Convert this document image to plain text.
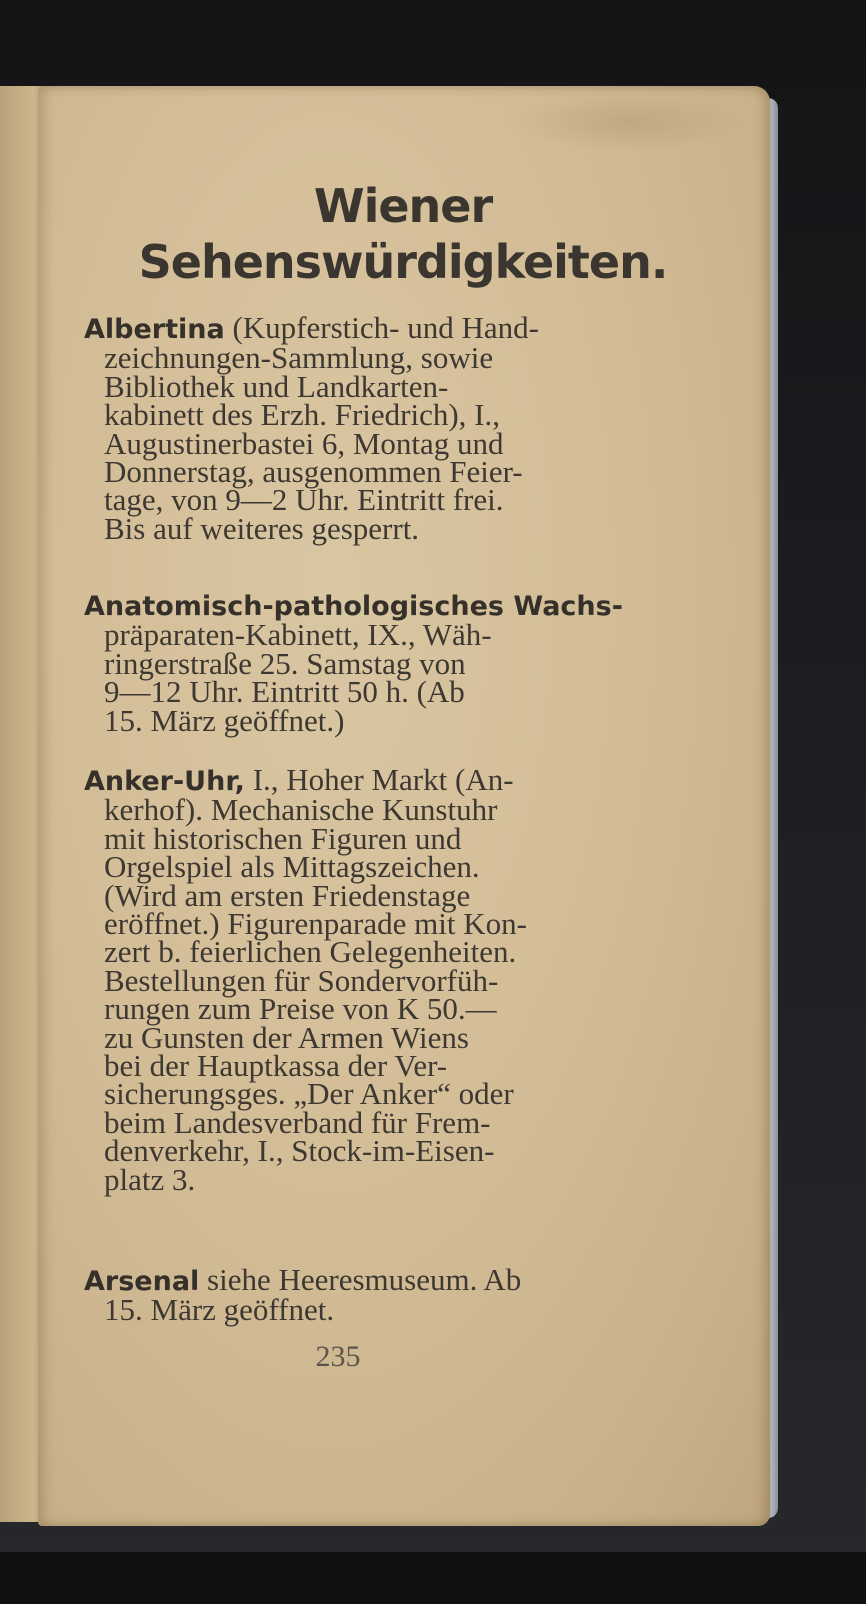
Wiener
Sehenswürdigkeiten.

Albertina (Kupferstich- und Hand-
zeichnungen-Sammlung, sowie
Bibliothek und Landkarten-
kabinett des Erzh. Friedrich), I.,
Augustinerbastei 6, Montag und
Donnerstag, ausgenommen Feier-
tage, von 9—2 Uhr. Eintritt frei.
Bis auf weiteres gesperrt.

Anatomisch-pathologisches Wachs-
präparaten-Kabinett, IX., Wäh-
ringerstraße 25. Samstag von
9—12 Uhr. Eintritt 50 h. (Ab
15. März geöffnet.)

Anker-Uhr, I., Hoher Markt (An-
kerhof). Mechanische Kunstuhr
mit historischen Figuren und
Orgelspiel als Mittagszeichen.
(Wird am ersten Friedenstage
eröffnet.) Figurenparade mit Kon-
zert b. feierlichen Gelegenheiten.
Bestellungen für Sondervorfüh-
rungen zum Preise von K 50.—
zu Gunsten der Armen Wiens
bei der Hauptkassa der Ver-
sicherungsges. „Der Anker“ oder
beim Landesverband für Frem-
denverkehr, I., Stock-im-Eisen-
platz 3.

Arsenal siehe Heeresmuseum. Ab
15. März geöffnet.

235
